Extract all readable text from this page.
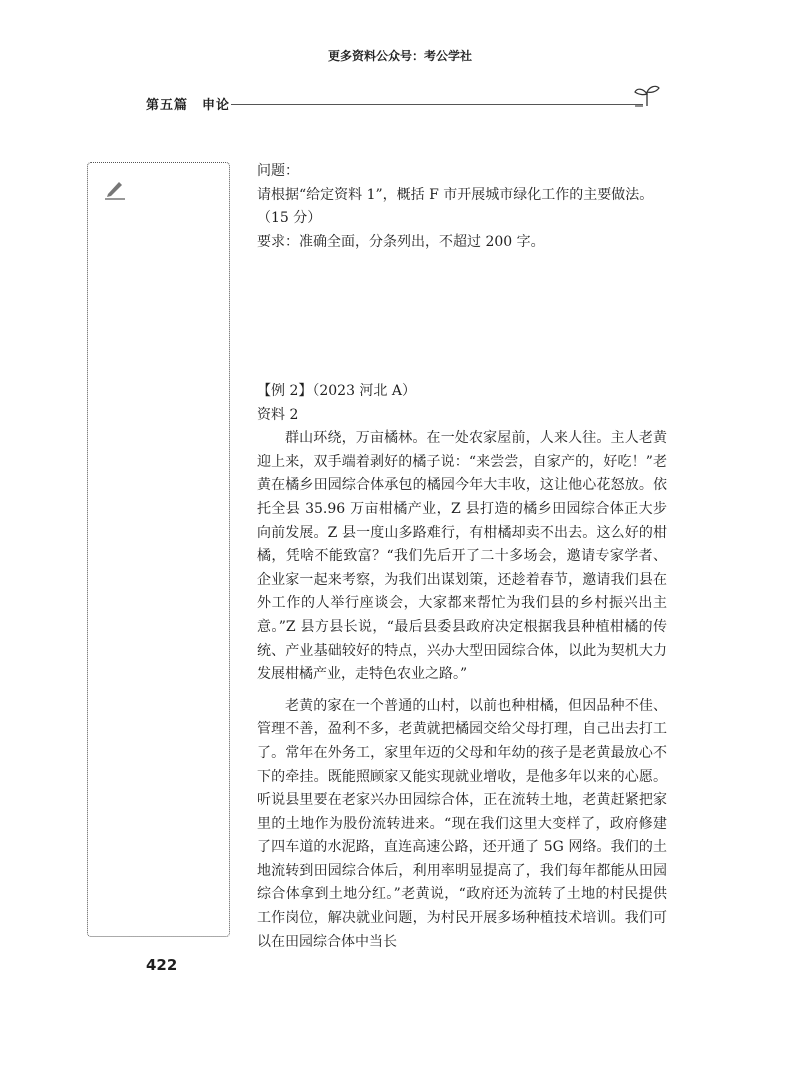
更多资料公众号：考公学社
第五篇　申论

问题：

请根据“给定资料 1”，概括 F 市开展城市绿化工作的主要做法。

（15 分）

要求：准确全面，分条列出，不超过 200 字。

【例 2】（2023 河北 A）

资料 2

群山环绕，万亩橘林。在一处农家屋前，人来人往。主人老黄迎上来，双手端着剥好的橘子说：“来尝尝，自家产的，好吃！”老黄在橘乡田园综合体承包的橘园今年大丰收，这让他心花怒放。依托全县 35.96 万亩柑橘产业，Z 县打造的橘乡田园综合体正大步向前发展。Z 县一度山多路难行，有柑橘却卖不出去。这么好的柑橘，凭啥不能致富？“我们先后开了二十多场会，邀请专家学者、企业家一起来考察，为我们出谋划策，还趁着春节，邀请我们县在外工作的人举行座谈会，大家都来帮忙为我们县的乡村振兴出主意。”Z 县方县长说，“最后县委县政府决定根据我县种植柑橘的传统、产业基础较好的特点，兴办大型田园综合体，以此为契机大力发展柑橘产业，走特色农业之路。”

老黄的家在一个普通的山村，以前也种柑橘，但因品种不佳、管理不善，盈利不多，老黄就把橘园交给父母打理，自己出去打工了。常年在外务工，家里年迈的父母和年幼的孩子是老黄最放心不下的牵挂。既能照顾家又能实现就业增收，是他多年以来的心愿。听说县里要在老家兴办田园综合体，正在流转土地，老黄赶紧把家里的土地作为股份流转进来。“现在我们这里大变样了，政府修建了四车道的水泥路，直连高速公路，还开通了 5G 网络。我们的土地流转到田园综合体后，利用率明显提高了，我们每年都能从田园综合体拿到土地分红。”老黄说，“政府还为流转了土地的村民提供工作岗位，解决就业问题，为村民开展多场种植技术培训。我们可以在田园综合体中当长

422
